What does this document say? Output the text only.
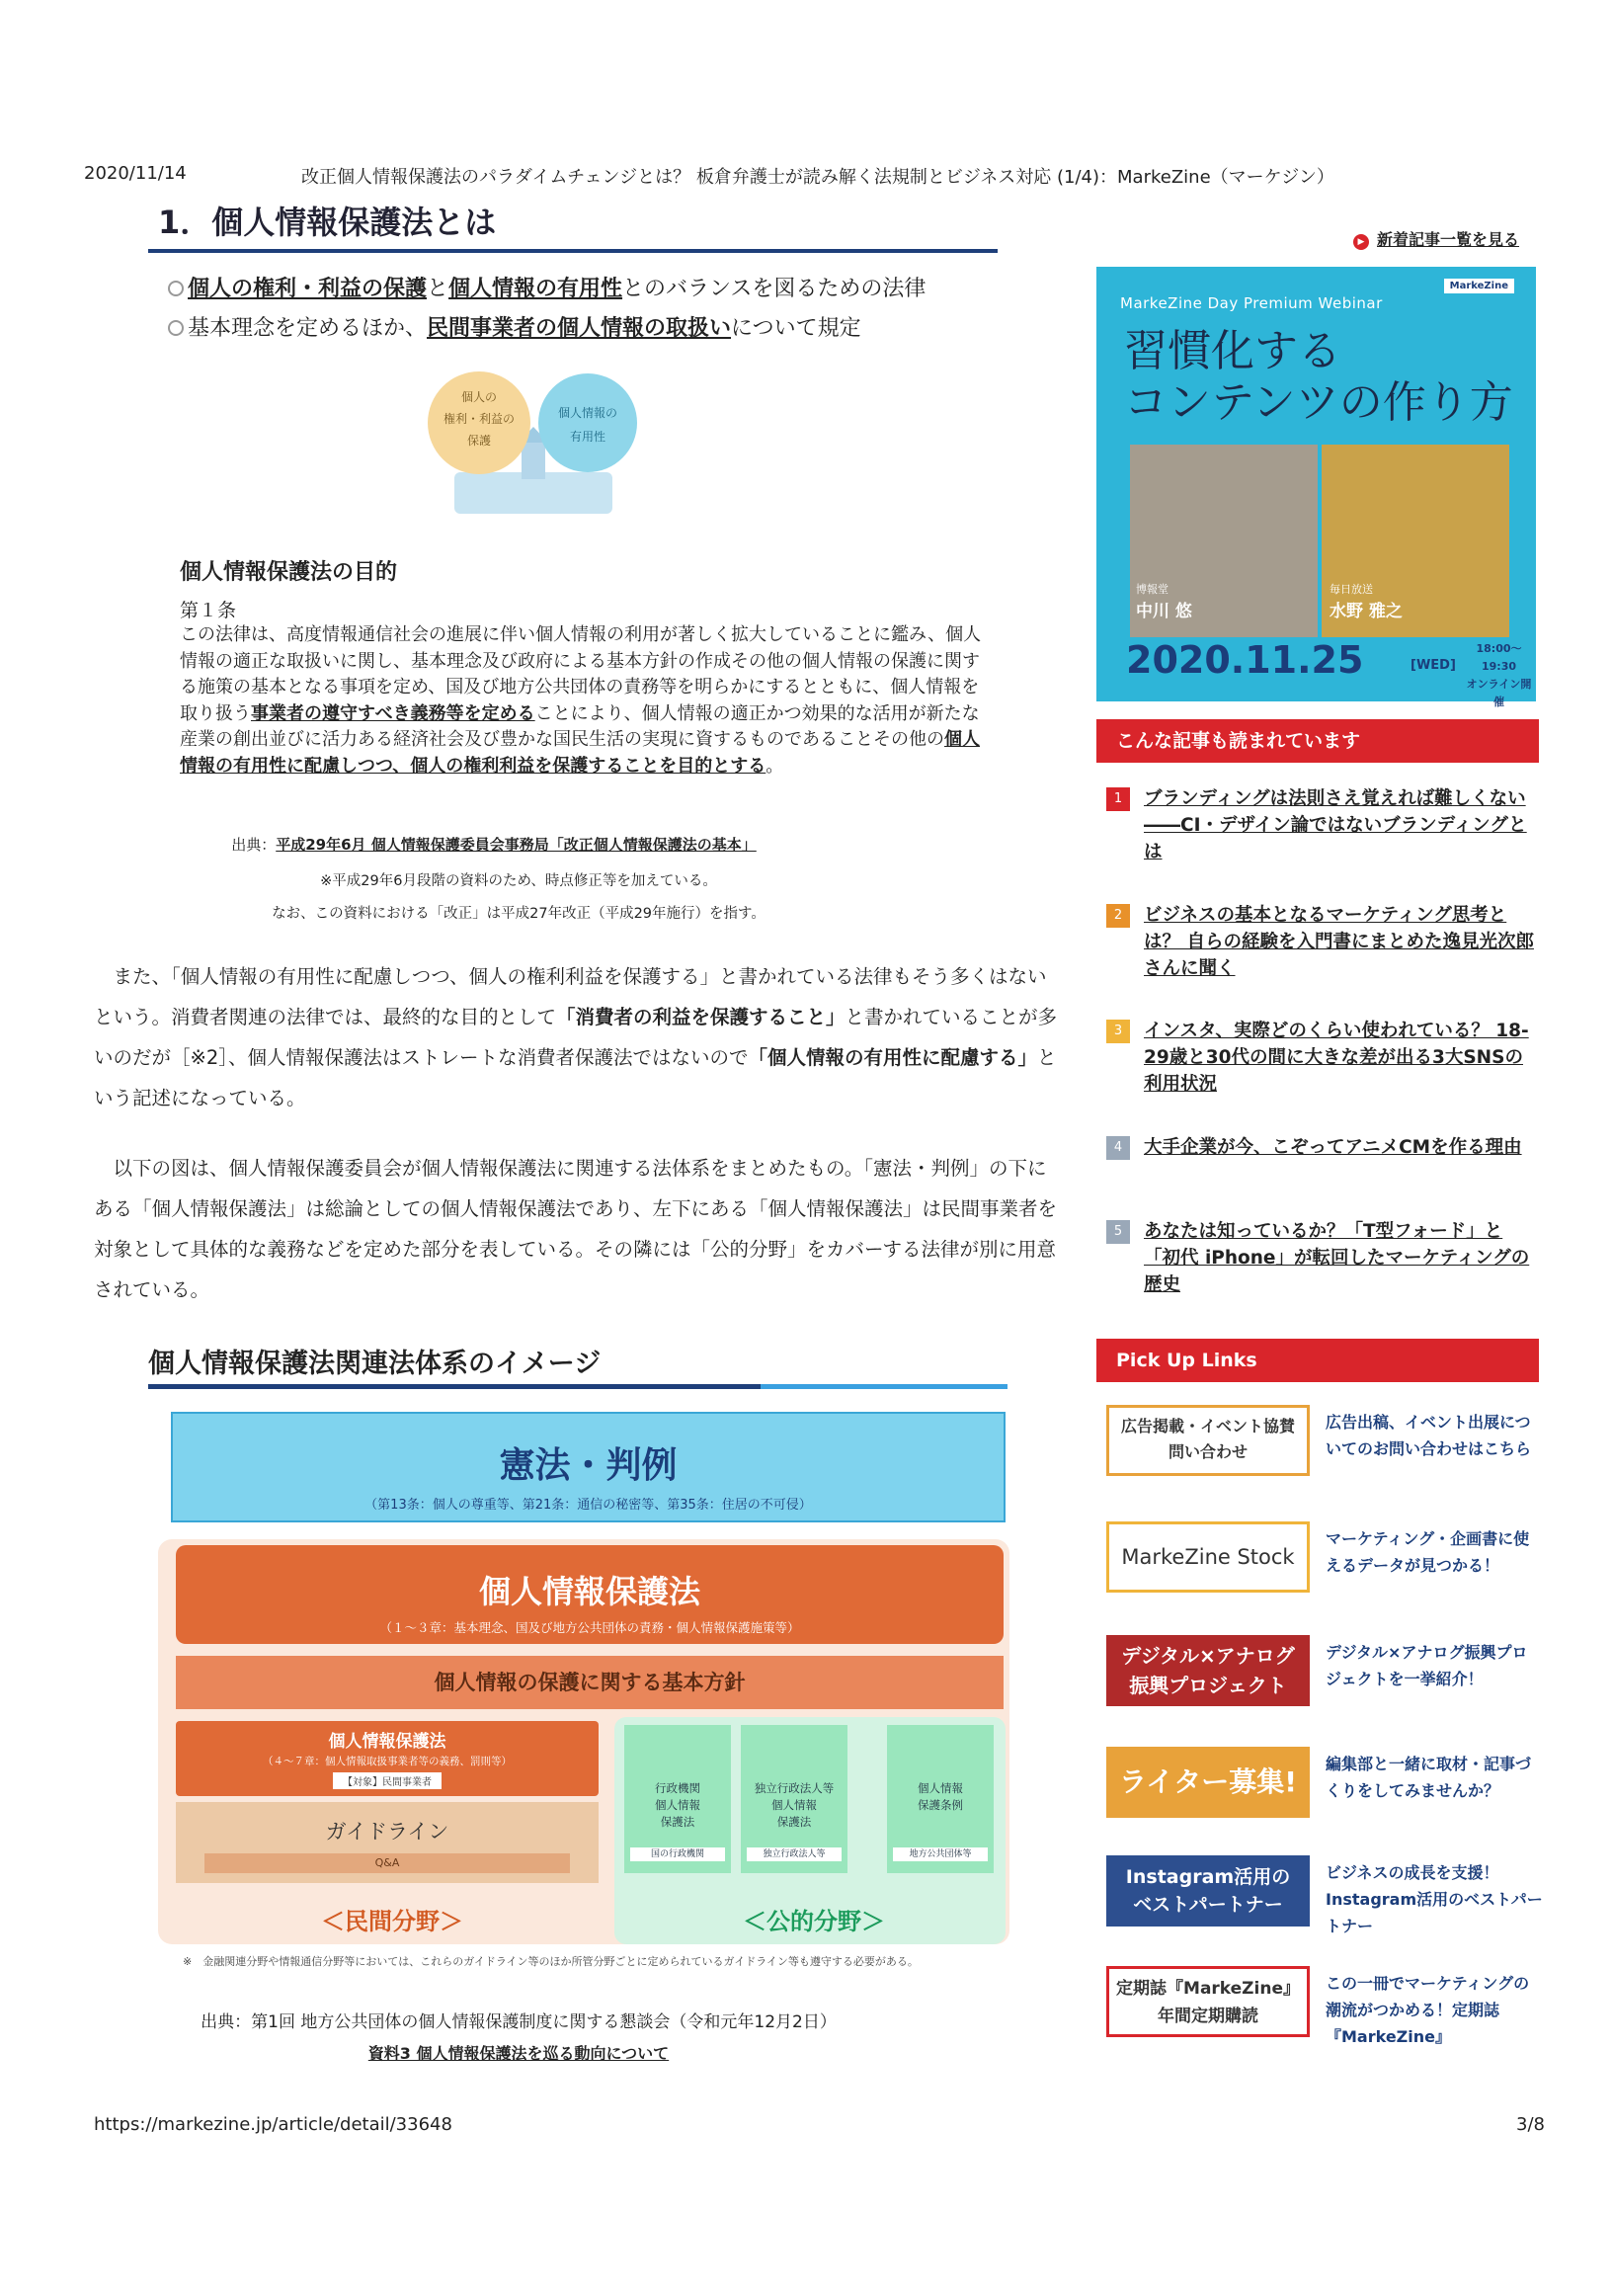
2020/11/14	改正個人情報保護法のパラダイムチェンジとは？ 板倉弁護士が読み解く法規制とビジネス対応 (1/4)：MarkeZine（マーケジン）
1．個人情報保護法とは
個人の権利・利益の保護と個人情報の有用性とのバランスを図るための法律
基本理念を定めるほか、民間事業者の個人情報の取扱いについて規定
個人の
権利・利益の
保護
個人情報の
有用性
個人情報保護法の目的
第１条
この法律は、高度情報通信社会の進展に伴い個人情報の利用が著しく拡大していることに鑑み、個人情報の適正な取扱いに関し、基本理念及び政府による基本方針の作成その他の個人情報の保護に関する施策の基本となる事項を定め、国及び地方公共団体の責務等を明らかにするとともに、個人情報を取り扱う事業者の遵守すべき義務等を定めることにより、個人情報の適正かつ効果的な活用が新たな産業の創出並びに活力ある経済社会及び豊かな国民生活の実現に資するものであることその他の個人情報の有用性に配慮しつつ、個人の権利利益を保護することを目的とする。
出典：平成29年6月 個人情報保護委員会事務局「改正個人情報保護法の基本」
※平成29年6月段階の資料のため、時点修正等を加えている。
なお、この資料における「改正」は平成27年改正（平成29年施行）を指す。
　また、「個人情報の有用性に配慮しつつ、個人の権利利益を保護する」と書かれている法律もそう多くはないという。消費者関連の法律では、最終的な目的として「消費者の利益を保護すること」と書かれていることが多いのだが［※2］、個人情報保護法はストレートな消費者保護法ではないので「個人情報の有用性に配慮する」という記述になっている。
　以下の図は、個人情報保護委員会が個人情報保護法に関連する法体系をまとめたもの。「憲法・判例」の下にある「個人情報保護法」は総論としての個人情報保護法であり、左下にある「個人情報保護法」は民間事業者を対象として具体的な義務などを定めた部分を表している。その隣には「公的分野」をカバーする法律が別に用意されている。
個人情報保護法関連法体系のイメージ
憲法・判例
（第13条：個人の尊重等、第21条：通信の秘密等、第35条：住居の不可侵）
個人情報保護法
（１～３章：基本理念、国及び地方公共団体の責務・個人情報保護施策等）
個人情報の保護に関する基本方針
個人情報保護法
（４～７章：個人情報取扱事業者等の義務、罰則等）
【対象】民間事業者
ガイドライン
Q&A
行政機関
個人情報
保護法
国の行政機関
独立行政法人等
個人情報
保護法
独立行政法人等
個人情報
保護条例
地方公共団体等
＜民間分野＞	＜公的分野＞
※　金融関連分野や情報通信分野等においては、これらのガイドライン等のほか所管分野ごとに定められているガイドライン等も遵守する必要がある。
出典：第1回 地方公共団体の個人情報保護制度に関する懇談会（令和元年12月2日）
資料3 個人情報保護法を巡る動向について
▶ 新着記事一覧を見る
MarkeZine Day Premium Webinar
MarkeZine
習慣化する
コンテンツの作り方
博報堂
中川 悠
毎日放送
水野 雅之
2020.11.25	[WED]
18:00～19:30
オンライン開催
こんな記事も読まれています
1	ブランディングは法則さえ覚えれば難しくない――CI・デザイン論ではないブランディングとは
2	ビジネスの基本となるマーケティング思考とは？ 自らの経験を入門書にまとめた逸見光次郎さんに聞く
3	インスタ、実際どのくらい使われている？ 18-29歳と30代の間に大きな差が出る3大SNSの利用状況
4	大手企業が今、こぞってアニメCMを作る理由
5	あなたは知っているか？「T型フォード」と「初代 iPhone」が転回したマーケティングの歴史
Pick Up Links
広告掲載・イベント協賛
問い合わせ
広告出稿、イベント出展についてのお問い合わせはこちら
MarkeZine Stock
マーケティング・企画書に使えるデータが見つかる！
デジタル×アナログ
振興プロジェクト
デジタル×アナログ振興プロジェクトを一挙紹介！
ライター募集!
編集部と一緒に取材・記事づくりをしてみませんか？
Instagram活用の
ベストパートナー
ビジネスの成長を支援！Instagram活用のベストパートナー
定期誌『MarkeZine』
年間定期購読
この一冊でマーケティングの潮流がつかめる！定期誌『MarkeZine』
https://markezine.jp/article/detail/33648	3/8
